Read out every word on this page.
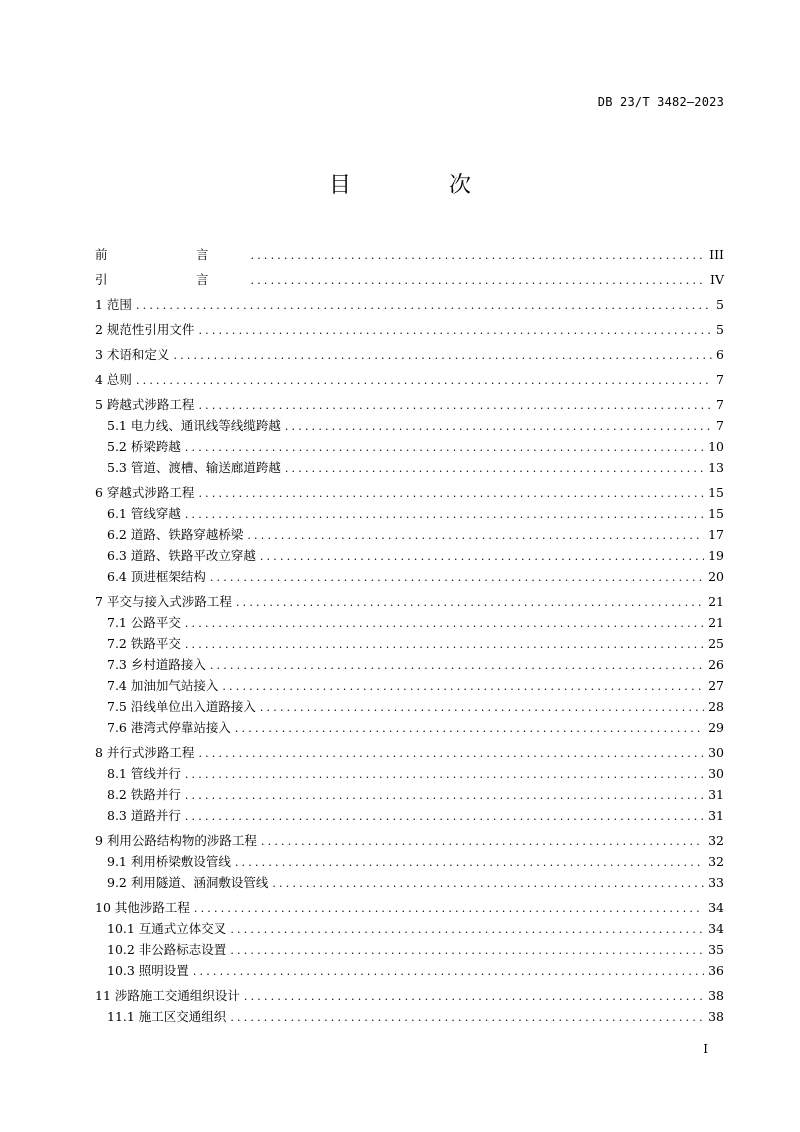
DB 23/T 3482—2023
目　次
前　言 .....	III
引　言 .....	IV
1 范围 .....	5
2 规范性引用文件 .....	5
3 术语和定义 .....	6
4 总则 .....	7
5 跨越式涉路工程 .....	7
5.1 电力线、通讯线等线缆跨越 .....	7
5.2 桥梁跨越 .....	10
5.3 管道、渡槽、输送廊道跨越 .....	13
6 穿越式涉路工程 .....	15
6.1 管线穿越 .....	15
6.2 道路、铁路穿越桥梁 .....	17
6.3 道路、铁路平改立穿越 .....	19
6.4 顶进框架结构 .....	20
7 平交与接入式涉路工程 .....	21
7.1 公路平交 .....	21
7.2 铁路平交 .....	25
7.3 乡村道路接入 .....	26
7.4 加油加气站接入 .....	27
7.5 沿线单位出入道路接入 .....	28
7.6 港湾式停靠站接入 .....	29
8 并行式涉路工程 .....	30
8.1 管线并行 .....	30
8.2 铁路并行 .....	31
8.3 道路并行 .....	31
9 利用公路结构物的涉路工程 .....	32
9.1 利用桥梁敷设管线 .....	32
9.2 利用隧道、涵洞敷设管线 .....	33
10 其他涉路工程 .....	34
10.1 互通式立体交叉 .....	34
10.2 非公路标志设置 .....	35
10.3 照明设置 .....	36
11 涉路施工交通组织设计 .....	38
11.1 施工区交通组织 .....	38
I
